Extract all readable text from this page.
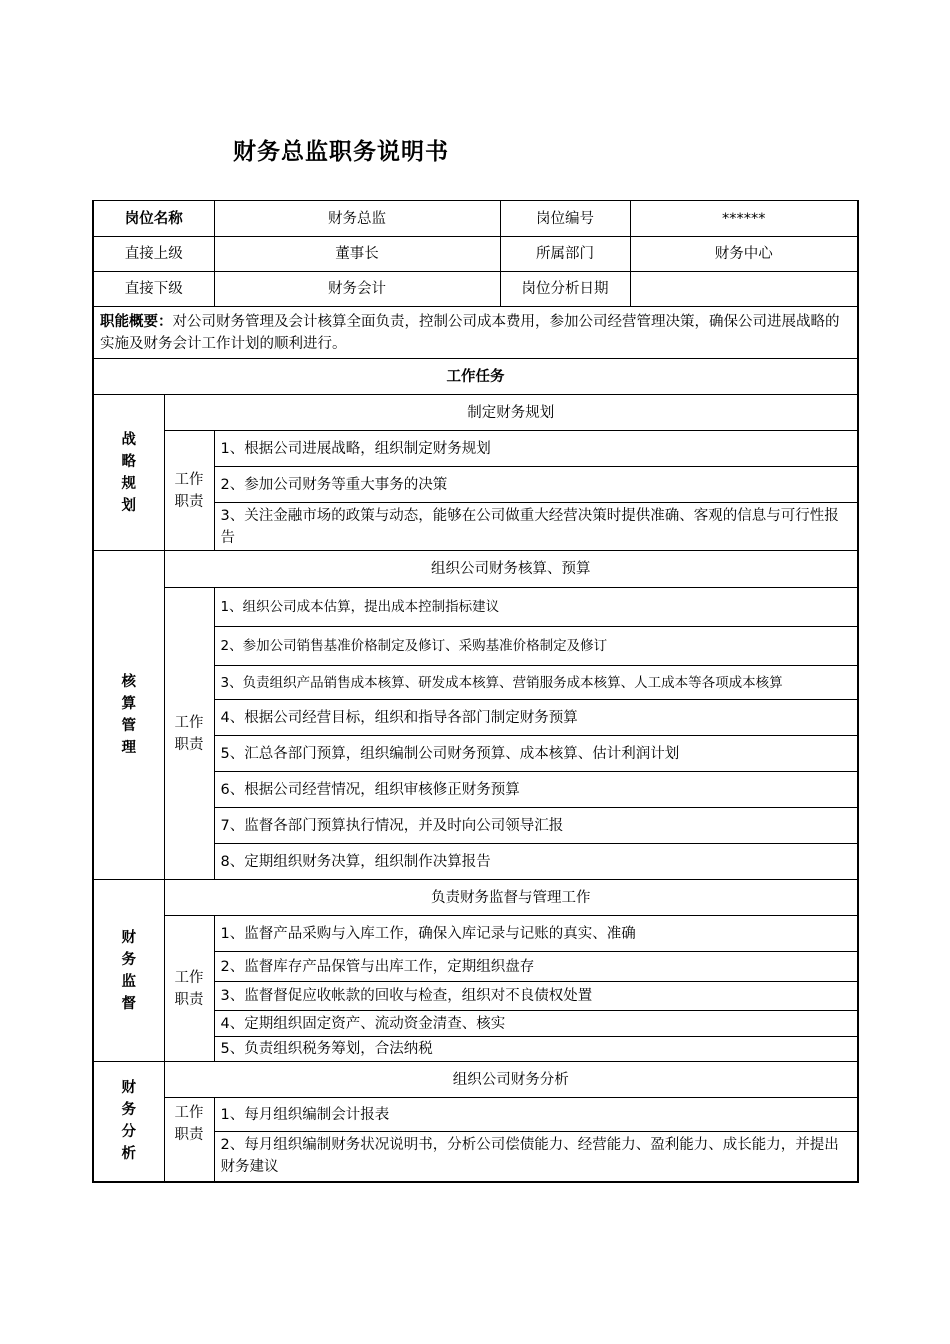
财务总监职务说明书
岗位名称		财务总监	岗位编号	******
直接上级		董事长	所属部门	财务中心
直接下级		财务会计	岗位分析日期	
职能概要：对公司财务管理及会计核算全面负责，控制公司成本费用，参加公司经营管理决策，确保公司进展战略的实施及财务会计工作计划的顺利进行。				
工作任务				

战
略
规
划	制定财务规划			

	工作
职责	1、根据公司进展战略，组织制定财务规划		
		2、参加公司财务等重大事务的决策		
		3、关注金融市场的政策与动态，能够在公司做重大经营决策时提供准确、客观的信息与可行性报告		

核
算
管
理	组织公司财务核算、预算			

	工作
职责	1、组织公司成本估算，提出成本控制指标建议		
		2、参加公司销售基准价格制定及修订、采购基准价格制定及修订		
		3、负责组织产品销售成本核算、研发成本核算、营销服务成本核算、人工成本等各项成本核算		
		4、根据公司经营目标，组织和指导各部门制定财务预算		
		5、汇总各部门预算，组织编制公司财务预算、成本核算、估计利润计划		
		6、根据公司经营情况，组织审核修正财务预算		
		7、监督各部门预算执行情况，并及时向公司领导汇报		
		8、定期组织财务决算，组织制作决算报告		

财
务
监
督	负责财务监督与管理工作			

	工作
职责	1、监督产品采购与入库工作，确保入库记录与记账的真实、准确		
		2、监督库存产品保管与出库工作，定期组织盘存		
		3、监督督促应收帐款的回收与检查，组织对不良债权处置		
		4、定期组织固定资产、流动资金清查、核实		
		5、负责组织税务筹划，合法纳税		

财
务
分
析	组织公司财务分析			

	工作
职责	1、每月组织编制会计报表		
		2、每月组织编制财务状况说明书，分析公司偿债能力、经营能力、盈利能力、成长能力，并提出财务建议		
